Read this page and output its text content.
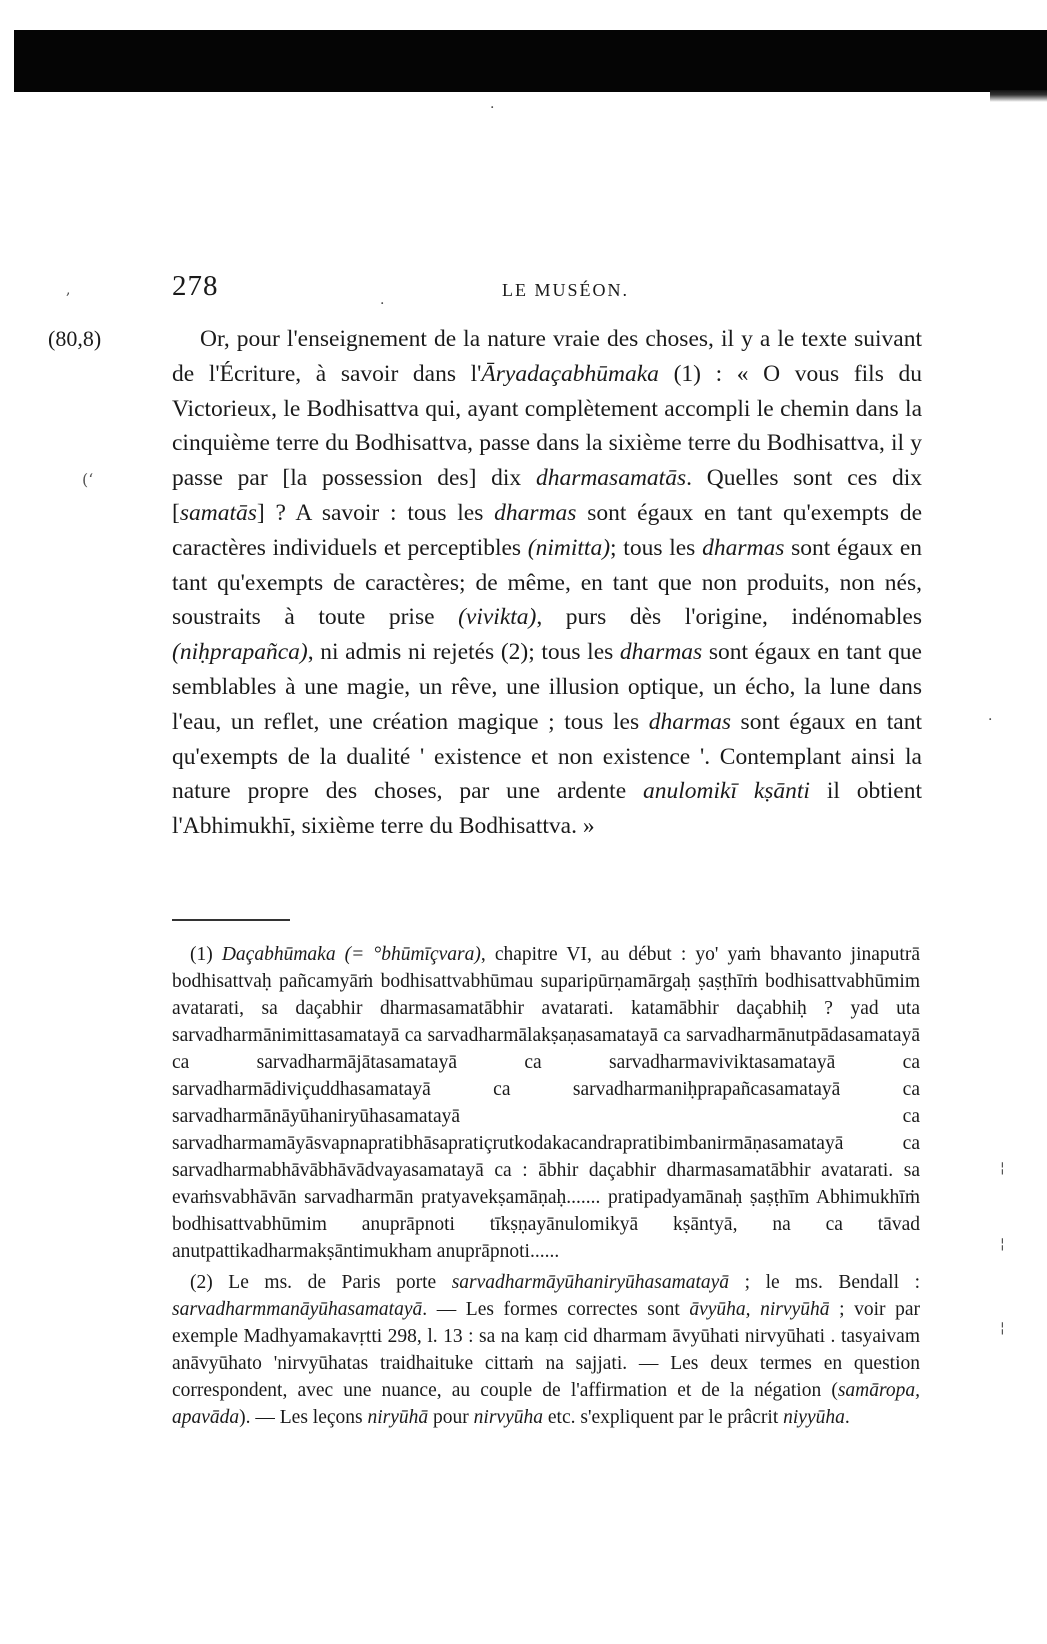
·
,
·
·
¦
¦
¦
278	LE MUSÉON.
(80,8)
(‘
Or, pour l'enseignement de la nature vraie des choses, il y a le texte suivant de l'Écriture, à savoir dans l'Āryadaçabhūmaka (1) : « O vous fils du Victorieux, le Bodhisattva qui, ayant complètement accompli le chemin dans la cinquième terre du Bodhisattva, passe dans la sixième terre du Bodhisattva, il y passe par [la possession des] dix dharmasamatās. Quelles sont ces dix [samatās] ? A savoir : tous les dharmas sont égaux en tant qu'exempts de caractères individuels et perceptibles (nimitta); tous les dharmas sont égaux en tant qu'exempts de caractères; de même, en tant que non produits, non nés, soustraits à toute prise (vivikta), purs dès l'origine, indénomables (niḥprapañca), ni admis ni rejetés (2); tous les dharmas sont égaux en tant que semblables à une magie, un rêve, une illusion optique, un écho, la lune dans l'eau, un reflet, une création magique ; tous les dharmas sont égaux en tant qu'exempts de la dualité ' existence et non existence '. Contemplant ainsi la nature propre des choses, par une ardente anulomikī kṣānti il obtient l'Abhimukhī, sixième terre du Bodhisattva. »

(1) Daçabhūmaka (= °bhūmīçvara), chapitre VI, au début : yo' yaṁ bhavanto jinaputrā bodhisattvaḥ pañcamyāṁ bodhisattvabhūmau supariρūrṇamārgaḥ ṣaṣṭhīṁ bodhisattvabhūmim avatarati, sa daçabhir dharmasamatābhir avatarati. katamābhir daçabhiḥ ? yad uta sarvadharmānimittasamatayā ca sarvadharmālakṣaṇasamatayā ca sarvadharmānutpādasamatayā ca sarvadharmājātasamatayā ca sarvadharmaviviktasamatayā ca sarvadharmādiviçuddhasamatayā ca sarvadharmaniḥprapañcasamatayā ca sarvadharmānāyūhaniryūhasamatayā ca sarvadharmamāyāsvapnapratibhāsapratiçrutkodakacandrapratibimbanirmāṇasamatayā ca sarvadharmabhāvābhāvādvayasamatayā ca : ābhir daçabhir dharmasamatābhir avatarati. sa evaṁsvabhāvān sarvadharmān pratyavekṣamāṇaḥ....... pratipadyamānaḥ ṣaṣṭhīm Abhimukhīṁ bodhisattvabhūmim anuprāpnoti tīkṣṇayānulomikyā kṣāntyā, na ca tāvad anutpattikadharmakṣāntimukham anuprāpnoti......

(2) Le ms. de Paris porte sarvadharmāyūhaniryūhasamatayā ; le ms. Bendall : sarvadharmmanāyūhasamatayā. — Les formes correctes sont āvyūha, nirvyūhā ; voir par exemple Madhyamakavṛtti 298, l. 13 : sa na kaṃ cid dharmam āvyūhati nirvyūhati . tasyaivam anāvyūhato 'nirvyūhatas traidhaituke cittaṁ na sajjati. — Les deux termes en question correspondent, avec une nuance, au couple de l'affirmation et de la négation (samāropa, apavāda). — Les leçons niryūhā pour nirvyūha etc. s'expliquent par le prâcrit niyyūha.
